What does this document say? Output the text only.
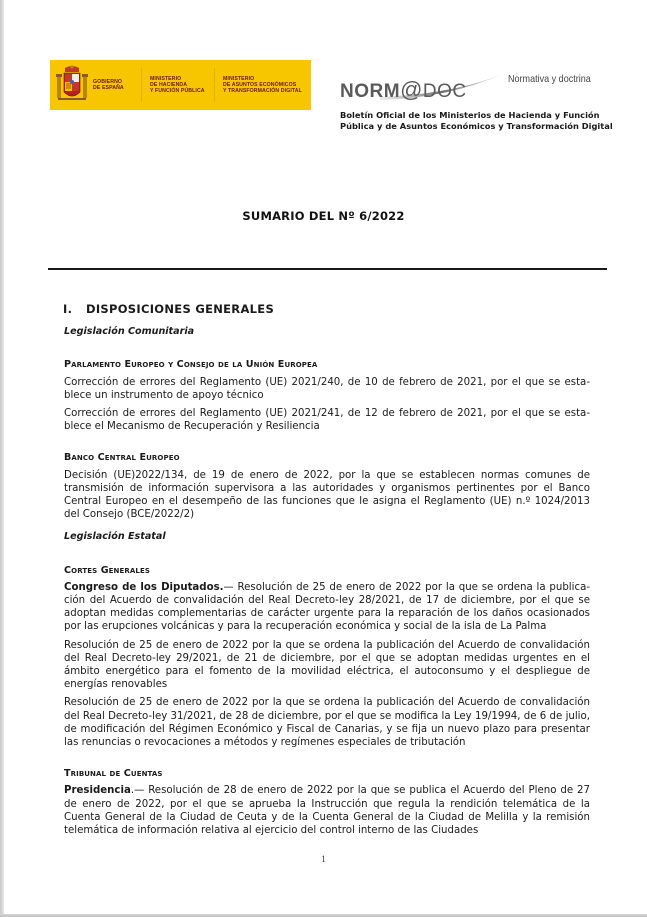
GOBIERNO
DE ESPAÑA
MINISTERIO
DE HACIENDA
Y FUNCIÓN PÚBLICA
MINISTERIO
DE ASUNTOS ECONÓMICOS
Y TRANSFORMACIÓN DIGITAL	NORM@DOC
Normativa y doctrina
Boletín Oficial de los Ministerios de Hacienda y Función
Pública y de Asuntos Económicos y Transformación Digital
SUMARIO DEL Nº 6/2022
I. DISPOSICIONES GENERALES
Legislación Comunitaria
Parlamento Europeo y Consejo de la Unión Europea
Corrección de errores del Reglamento (UE) 2021/240, de 10 de febrero de 2021, por el que se establece un instrumento de apoyo técnico
Corrección de errores del Reglamento (UE) 2021/241, de 12 de febrero de 2021, por el que se establece el Mecanismo de Recuperación y Resiliencia
Banco Central Europeo
Decisión (UE)2022/134, de 19 de enero de 2022, por la que se establecen normas comunes de transmisión de información supervisora a las autoridades y organismos pertinentes por el Banco Central Europeo en el desempeño de las funciones que le asigna el Reglamento (UE) n.º 1024/2013 del Consejo (BCE/2022/2)
Legislación Estatal
Cortes Generales
Congreso de los Diputados.— Resolución de 25 de enero de 2022 por la que se ordena la publicación del Acuerdo de convalidación del Real Decreto-ley 28/2021, de 17 de diciembre, por el que se adoptan medidas complementarias de carácter urgente para la reparación de los daños ocasionados por las erupciones volcánicas y para la recuperación económica y social de la isla de La Palma
Resolución de 25 de enero de 2022 por la que se ordena la publicación del Acuerdo de convalidación del Real Decreto-ley 29/2021, de 21 de diciembre, por el que se adoptan medidas urgentes en el ámbito energético para el fomento de la movilidad eléctrica, el autoconsumo y el despliegue de energías renovables
Resolución de 25 de enero de 2022 por la que se ordena la publicación del Acuerdo de convalidación del Real Decreto-ley 31/2021, de 28 de diciembre, por el que se modifica la Ley 19/1994, de 6 de julio, de modificación del Régimen Económico y Fiscal de Canarias, y se fija un nuevo plazo para presentar las renuncias o revocaciones a métodos y regímenes especiales de tributación
Tribunal de Cuentas
Presidencia.— Resolución de 28 de enero de 2022 por la que se publica el Acuerdo del Pleno de 27 de enero de 2022, por el que se aprueba la Instrucción que regula la rendición telemática de la Cuenta General de la Ciudad de Ceuta y de la Cuenta General de la Ciudad de Melilla y la remisión telemática de información relativa al ejercicio del control interno de las Ciudades
1
